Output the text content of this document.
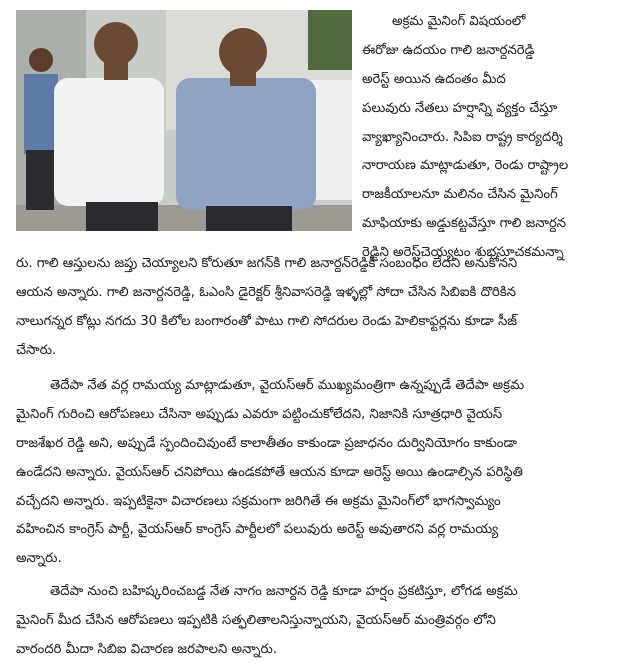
అక్రమ మైనింగ్ విషయంలో
ఈరోజు ఉదయం గాలి జనార్దనరెడ్డి
అరెస్ట్ అయిన ఉదంతం మీద
పలువురు నేతలు హర్షాన్ని వ్యక్తం చేస్తూ
వ్యాఖ్యానించారు. సిపిఐ రాష్ట్ర కార్యదర్శి
నారాయణ మాట్లాడుతూ, రెండు రాష్ట్రాల
రాజకీయాలనూ మలినం చేసిన మైనింగ్
మాఫియాకు అడ్డుకట్టవేస్తూ గాలి జనార్దన
రెడ్డిని అరెస్ట్‌చెయ్యటం శుభసూచకమన్నా
రు. గాలి ఆస్తులను జప్తు చెయ్యాలని కోరుతూ జగన్‌కి గాలి జనార్దన్‌రెడ్డికీ సంబంధం లేదని అనుకోనని
ఆయన అన్నారు. గాలి జనార్దనరెడ్డి, ఓఎంసి డైరెక్టర్ శ్రీనివాసరెడ్డి ఇళ్ళల్లో సోదా చేసిన సిబిఐకి దొరికిన
నాలుగన్నర కోట్లు నగదు 30 కిలోల బంగారంతో పాటు గాలి సోదరుల రెండు హెలికాఫ్టర్లను కూడా సీజ్
చేసారు.
తెదేపా నేత వర్ల రామయ్య మాట్లాడుతూ, వైయస్ఆర్ ముఖ్యమంత్రిగా ఉన్నప్పుడే తెదేపా అక్రమ
మైనింగ్ గురించి ఆరోపణలు చేసినా అప్పుడు ఎవరూ పట్టించుకోలేదని, నిజానికి సూత్రధారి వైయస్
రాజశేఖర రెడ్డి అని, అప్పుడే స్పందించివుంటే కాలాతీతం కాకుండా ప్రజాధనం దుర్వినియోగం కాకుండా
ఉండేదని అన్నారు. వైయస్ఆర్ చనిపోయి ఉండకపోతే ఆయన కూడా అరెస్ట్ అయి ఉండాల్సిన పరిస్థితి
వచ్చేదని అన్నారు. ఇప్పటికైనా విచారణలు సక్రమంగా జరిగితే ఈ అక్రమ మైనింగ్‌లో భాగస్వామ్యం
వహించిన కాంగ్రెస్ పార్టీ, వైయస్ఆర్ కాంగ్రెస్ పార్టీలలో పలువురు అరెస్ట్ అవుతారని వర్ల రామయ్య
అన్నారు.
తెదేపా నుంచి బహిష్కరించబడ్డ నేత నాగం జనార్దన రెడ్డి కూడా హర్షం ప్రకటిస్తూ, లోగడ అక్రమ
మైనింగ్ మీద చేసిన ఆరోపణలు ఇప్పటికి సత్ఫలితాలనిస్తున్నాయని, వైయస్ఆర్ మంత్రివర్గం లోని
వారందరి మీదా సిబిఐ విచారణ జరపాలని అన్నారు.
